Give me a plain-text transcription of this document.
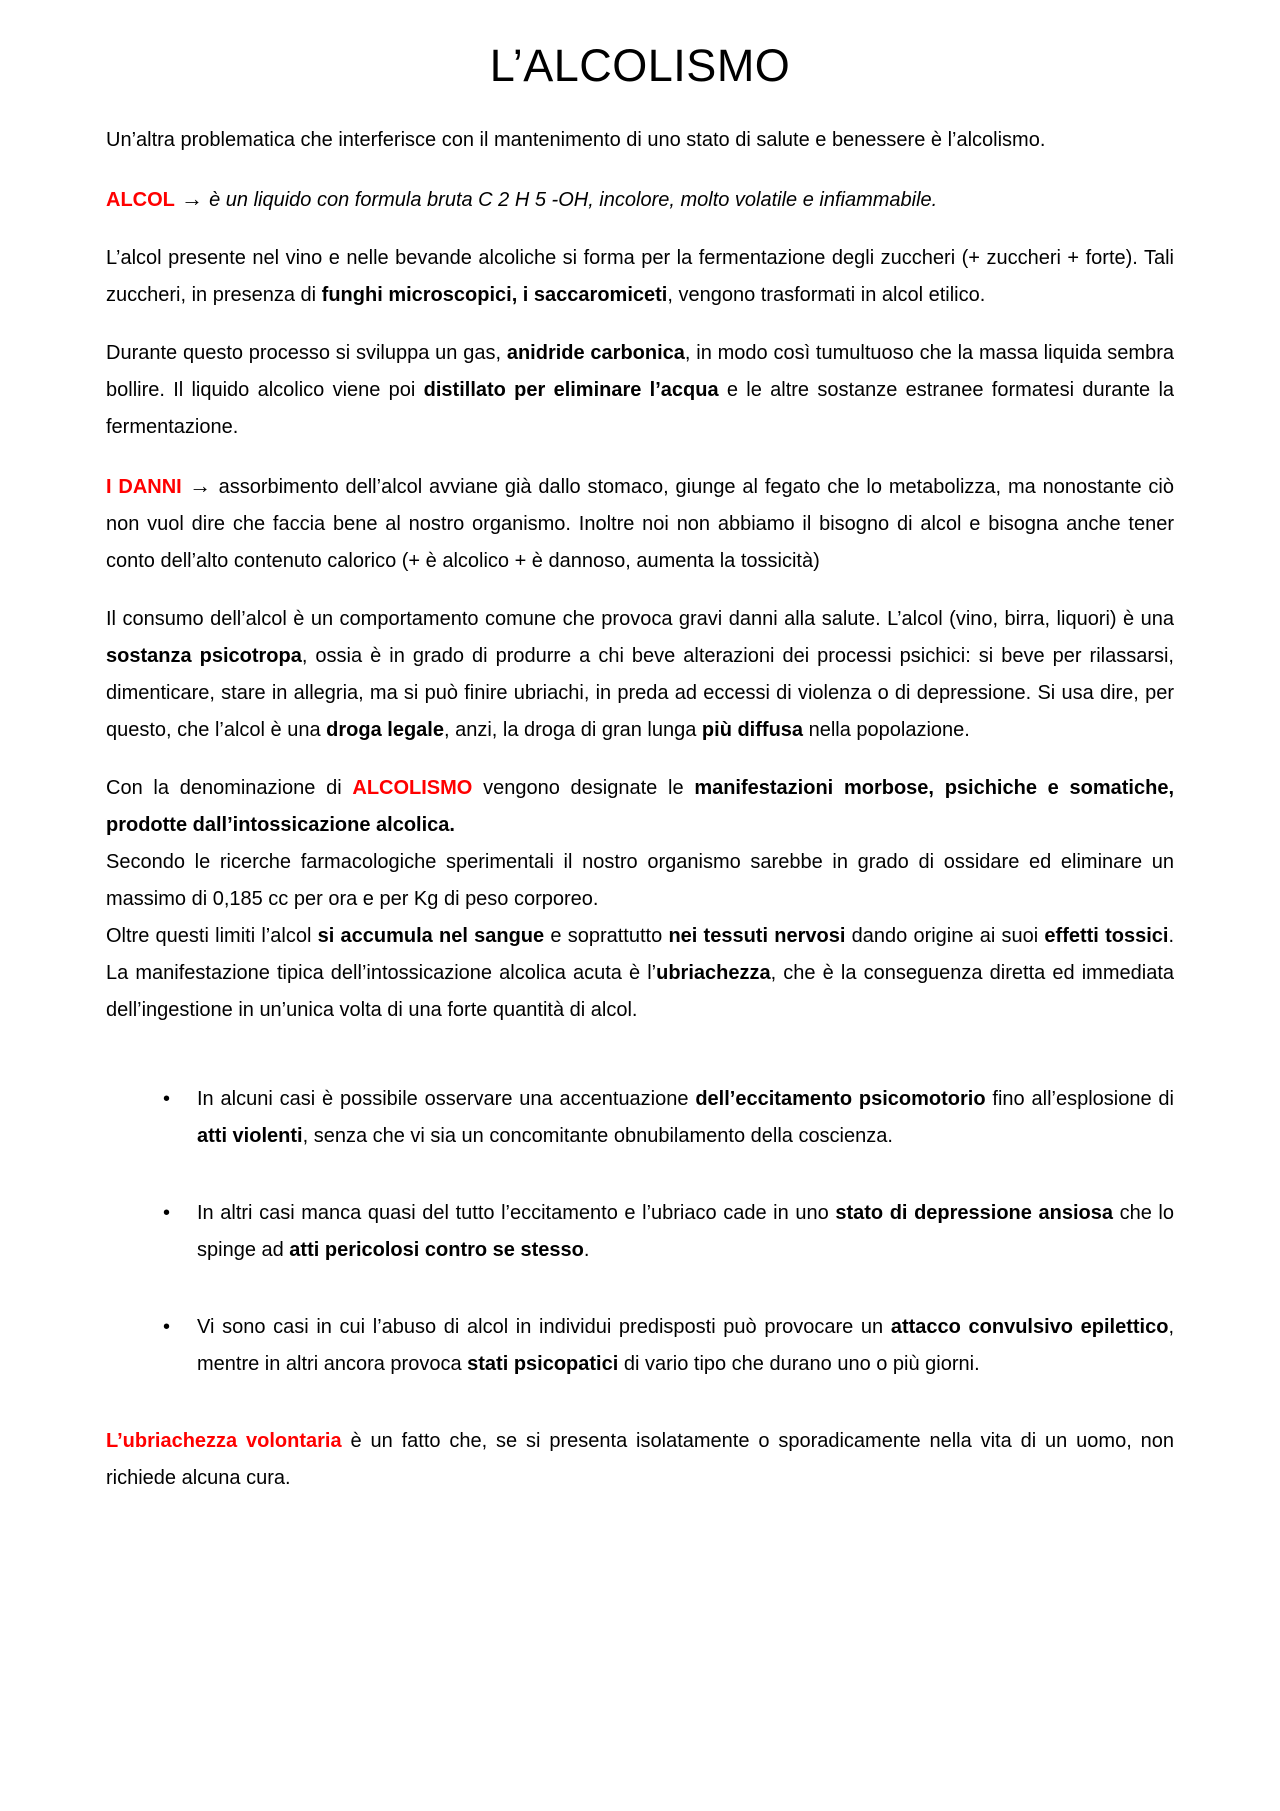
L’ALCOLISMO

Un’altra problematica che interferisce con il mantenimento di uno stato di salute e benessere è l’alcolismo.

ALCOL → è un liquido con formula bruta C 2 H 5 -OH, incolore, molto volatile e infiammabile.

L’alcol presente nel vino e nelle bevande alcoliche si forma per la fermentazione degli zuccheri (+ zuccheri + forte). Tali zuccheri, in presenza di funghi microscopici, i saccaromiceti, vengono trasformati in alcol etilico.

Durante questo processo si sviluppa un gas, anidride carbonica, in modo così tumultuoso che la massa liquida sembra bollire. Il liquido alcolico viene poi distillato per eliminare l’acqua e le altre sostanze estranee formatesi durante la fermentazione.

I DANNI → assorbimento dell’alcol avviane già dallo stomaco, giunge al fegato che lo metabolizza, ma nonostante ciò non vuol dire che faccia bene al nostro organismo. Inoltre noi non abbiamo il bisogno di alcol e bisogna anche tener conto dell’alto contenuto calorico (+ è alcolico + è dannoso, aumenta la tossicità)

Il consumo dell’alcol è un comportamento comune che provoca gravi danni alla salute. L’alcol (vino, birra, liquori) è una sostanza psicotropa, ossia è in grado di produrre a chi beve alterazioni dei processi psichici: si beve per rilassarsi, dimenticare, stare in allegria, ma si può finire ubriachi, in preda ad eccessi di violenza o di depressione. Si usa dire, per questo, che l’alcol è una droga legale, anzi, la droga di gran lunga più diffusa nella popolazione.

Con la denominazione di ALCOLISMO vengono designate le manifestazioni morbose, psichiche e somatiche, prodotte dall’intossicazione alcolica.

Secondo le ricerche farmacologiche sperimentali il nostro organismo sarebbe in grado di ossidare ed eliminare un massimo di 0,185 cc per ora e per Kg di peso corporeo.

Oltre questi limiti l’alcol si accumula nel sangue e soprattutto nei tessuti nervosi dando origine ai suoi effetti tossici. La manifestazione tipica dell’intossicazione alcolica acuta è l’ubriachezza, che è la conseguenza diretta ed immediata dell’ingestione in un’unica volta di una forte quantità di alcol.

•	In alcuni casi è possibile osservare una accentuazione dell’eccitamento psicomotorio fino all’esplosione di atti violenti, senza che vi sia un concomitante obnubilamento della coscienza.

•	In altri casi manca quasi del tutto l’eccitamento e l’ubriaco cade in uno stato di depressione ansiosa che lo spinge ad atti pericolosi contro se stesso.

•	Vi sono casi in cui l’abuso di alcol in individui predisposti può provocare un attacco convulsivo epilettico, mentre in altri ancora provoca stati psicopatici di vario tipo che durano uno o più giorni.

L’ubriachezza volontaria è un fatto che, se si presenta isolatamente o sporadicamente nella vita di un uomo, non richiede alcuna cura.
